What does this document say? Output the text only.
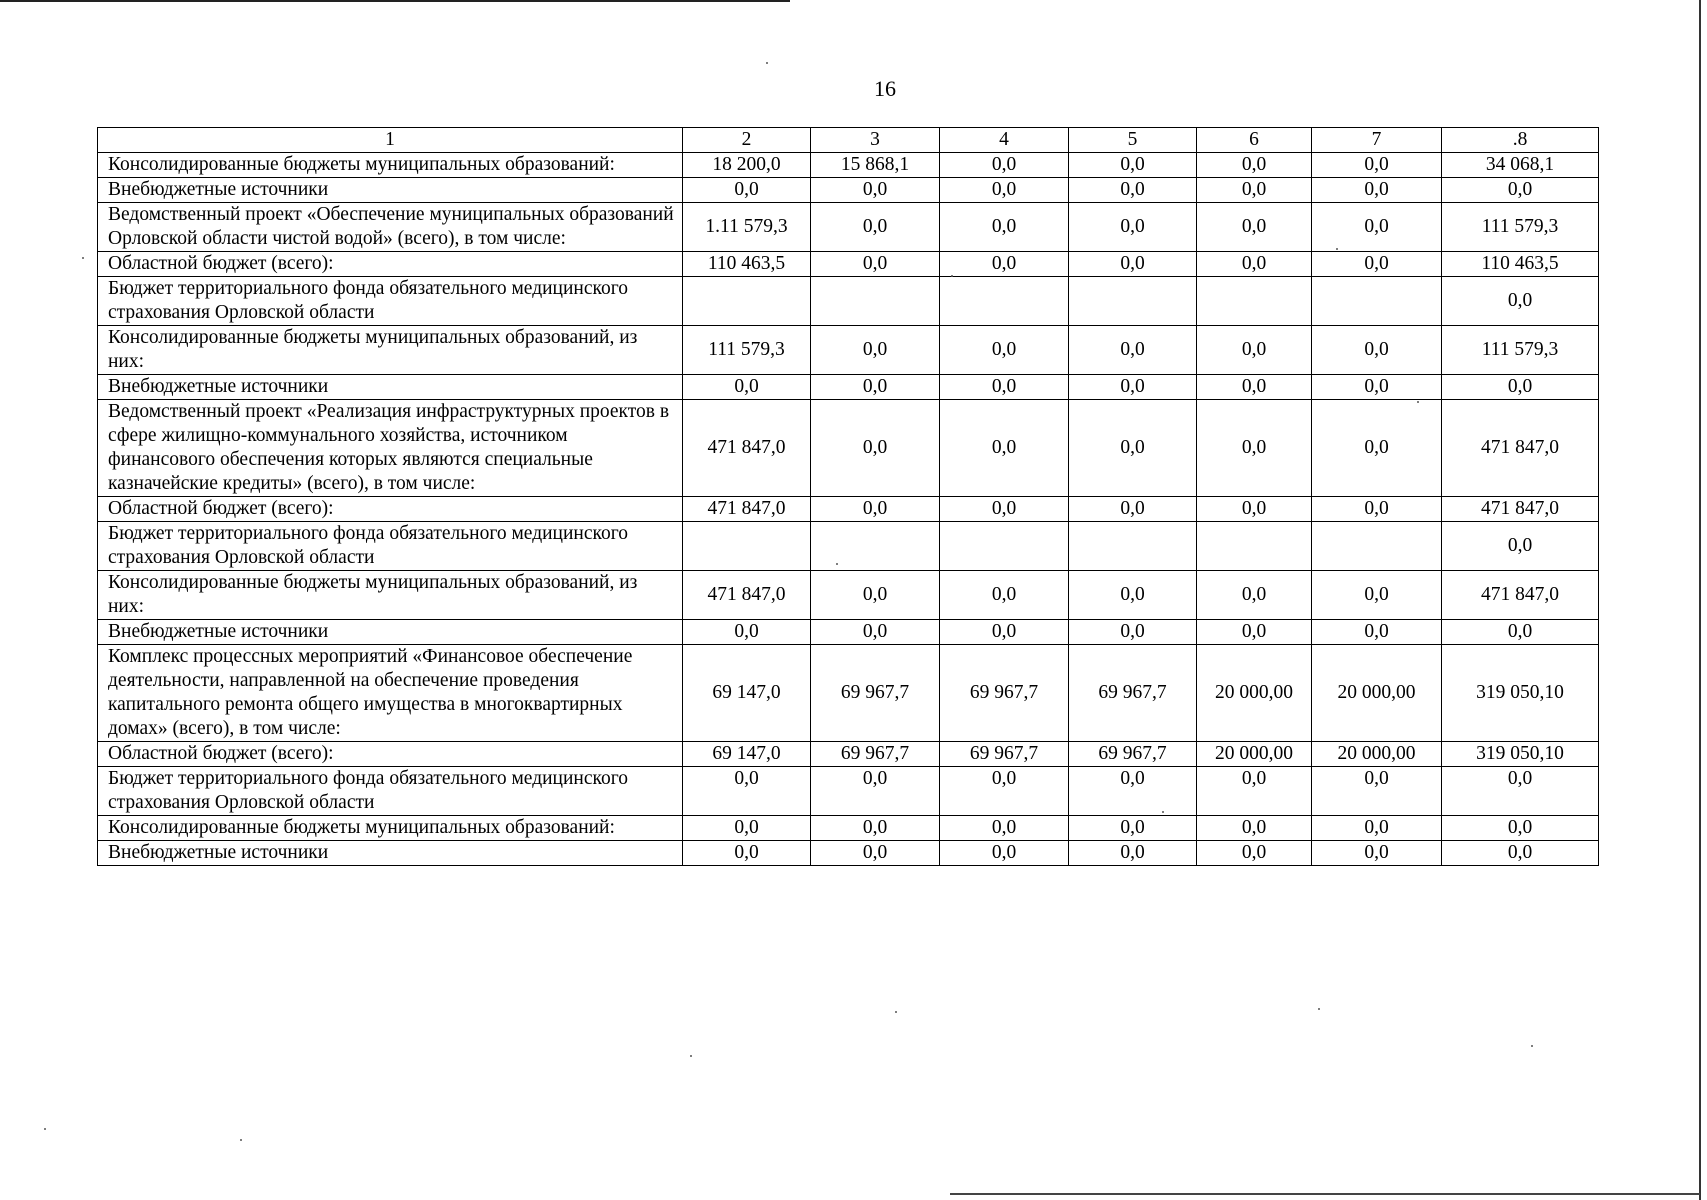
16
1	2	3	4	5	6	7	.8
Консолидированные бюджеты муниципальных образований:	18 200,0	15 868,1	0,0	0,0	0,0	0,0	34 068,1
Внебюджетные источники	0,0	0,0	0,0	0,0	0,0	0,0	0,0
Ведомственный проект «Обеспечение муниципальных образований Орловской области чистой водой» (всего), в том числе:	1.11 579,3	0,0	0,0	0,0	0,0	0,0	111 579,3
Областной бюджет (всего):	110 463,5	0,0	0,0	0,0	0,0	0,0	110 463,5
Бюджет территориального фонда обязательного медицинского страхования Орловской области							0,0
Консолидированные бюджеты муниципальных образований, из них:	111 579,3	0,0	0,0	0,0	0,0	0,0	111 579,3
Внебюджетные источники	0,0	0,0	0,0	0,0	0,0	0,0	0,0
Ведомственный проект «Реализация инфраструктурных проектов в сфере жилищно-коммунального хозяйства, источником финансового обеспечения которых являются специальные казначейские кредиты» (всего), в том числе:	471 847,0	0,0	0,0	0,0	0,0	0,0	471 847,0
Областной бюджет (всего):	471 847,0	0,0	0,0	0,0	0,0	0,0	471 847,0
Бюджет территориального фонда обязательного медицинского страхования Орловской области							0,0
Консолидированные бюджеты муниципальных образований, из них:	471 847,0	0,0	0,0	0,0	0,0	0,0	471 847,0
Внебюджетные источники	0,0	0,0	0,0	0,0	0,0	0,0	0,0
Комплекс процессных мероприятий «Финансовое обеспечение деятельности, направленной на обеспечение проведения капитального ремонта общего имущества в многоквартирных домах» (всего), в том числе:	69 147,0	69 967,7	69 967,7	69 967,7	20 000,00	20 000,00	319 050,10
Областной бюджет (всего):	69 147,0	69 967,7	69 967,7	69 967,7	20 000,00	20 000,00	319 050,10
Бюджет территориального фонда обязательного медицинского страхования Орловской области	0,0	0,0	0,0	0,0	0,0	0,0	0,0
Консолидированные бюджеты муниципальных образований:	0,0	0,0	0,0	0,0	0,0	0,0	0,0
Внебюджетные источники	0,0	0,0	0,0	0,0	0,0	0,0	0,0
